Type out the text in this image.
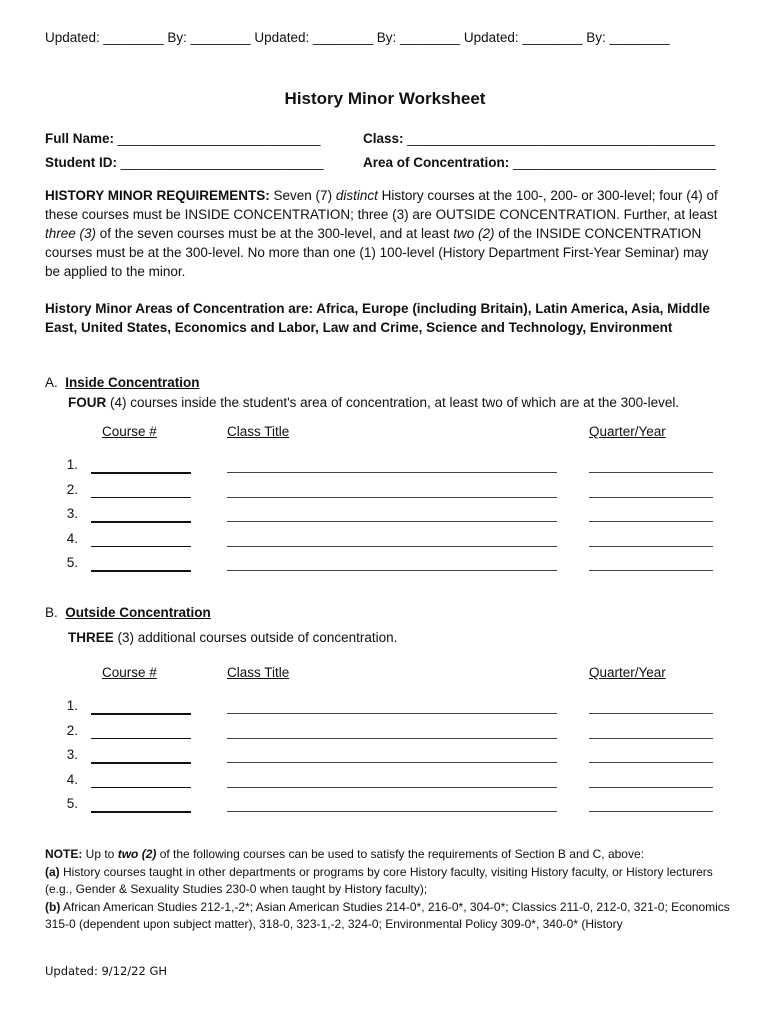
Updated: ________ By: ________ Updated: ________ By: ________ Updated: ________ By: ________
History Minor Worksheet
Full Name: ___________________________	Class: _________________________________________
Student ID: ___________________________	Area of Concentration: ___________________________
HISTORY MINOR REQUIREMENTS: Seven (7) distinct History courses at the 100-, 200- or 300-level; four (4) of these courses must be INSIDE CONCENTRATION; three (3) are OUTSIDE CONCENTRATION. Further, at least three (3) of the seven courses must be at the 300-level, and at least two (2) of the INSIDE CONCENTRATION courses must be at the 300-level. No more than one (1) 100-level (History Department First-Year Seminar) may be applied to the minor.
History Minor Areas of Concentration are: Africa, Europe (including Britain), Latin America, Asia, Middle East, United States, Economics and Labor, Law and Crime, Science and Technology, Environment
A. Inside Concentration
FOUR (4) courses inside the student's area of concentration, at least two of which are at the 300-level.
Course #	Class Title	Quarter/Year
1.
2.
3.
4.
5.
B. Outside Concentration
THREE (3) additional courses outside of concentration.
Course #	Class Title	Quarter/Year
1.
2.
3.
4.
5.
NOTE: Up to two (2) of the following courses can be used to satisfy the requirements of Section B and C, above:
(a) History courses taught in other departments or programs by core History faculty, visiting History faculty, or History lecturers (e.g., Gender & Sexuality Studies 230-0 when taught by History faculty);
(b) African American Studies 212-1,-2*; Asian American Studies 214-0*, 216-0*, 304-0*; Classics 211-0, 212-0, 321-0; Economics 315-0 (dependent upon subject matter), 318-0, 323-1,-2, 324-0; Environmental Policy 309-0*, 340-0* (History
Updated: 9/12/22 GH
